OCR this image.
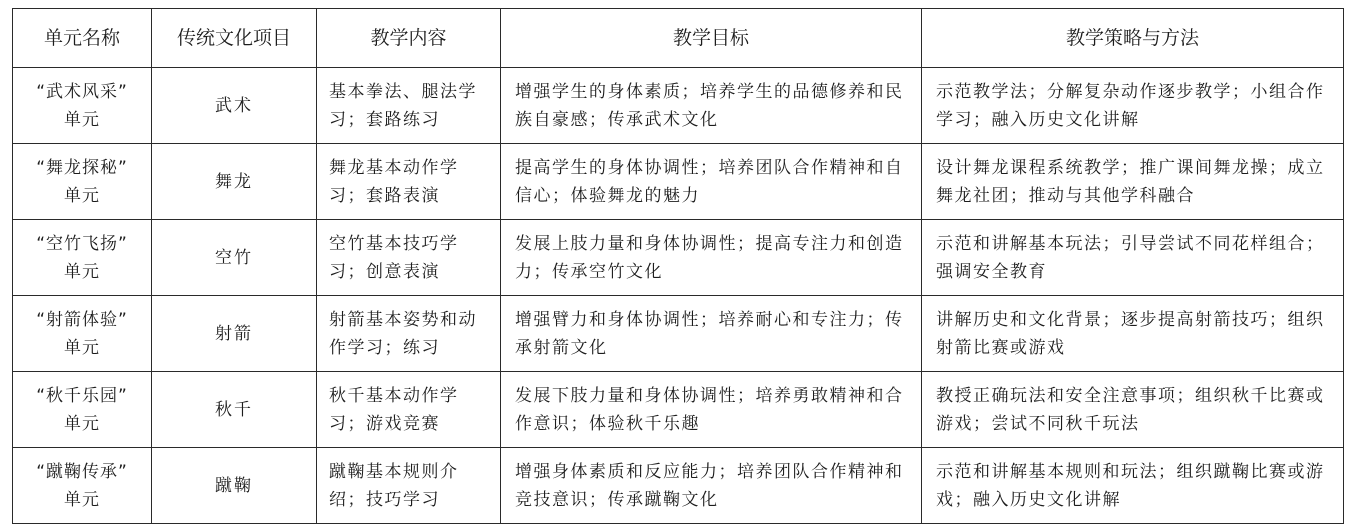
单元名称	传统文化项目	教学内容	教学目标	教学策略与方法

“武术风采”
单元	武术	基本拳法、腿法学习；套路练习	增强学生的身体素质；培养学生的品德修养和民族自豪感；传承武术文化	示范教学法；分解复杂动作逐步教学；小组合作学习；融入历史文化讲解

“舞龙探秘”
单元	舞龙	舞龙基本动作学习；套路表演	提高学生的身体协调性；培养团队合作精神和自信心；体验舞龙的魅力	设计舞龙课程系统教学；推广课间舞龙操；成立舞龙社团；推动与其他学科融合

“空竹飞扬”
单元	空竹	空竹基本技巧学习；创意表演	发展上肢力量和身体协调性；提高专注力和创造力；传承空竹文化	示范和讲解基本玩法；引导尝试不同花样组合；强调安全教育

“射箭体验”
单元	射箭	射箭基本姿势和动作学习；练习	增强臂力和身体协调性；培养耐心和专注力；传承射箭文化	讲解历史和文化背景；逐步提高射箭技巧；组织射箭比赛或游戏

“秋千乐园”
单元	秋千	秋千基本动作学习；游戏竞赛	发展下肢力量和身体协调性；培养勇敢精神和合作意识；体验秋千乐趣	教授正确玩法和安全注意事项；组织秋千比赛或游戏；尝试不同秋千玩法

“蹴鞠传承”
单元	蹴鞠	蹴鞠基本规则介绍；技巧学习	增强身体素质和反应能力；培养团队合作精神和竞技意识；传承蹴鞠文化	示范和讲解基本规则和玩法；组织蹴鞠比赛或游戏；融入历史文化讲解
